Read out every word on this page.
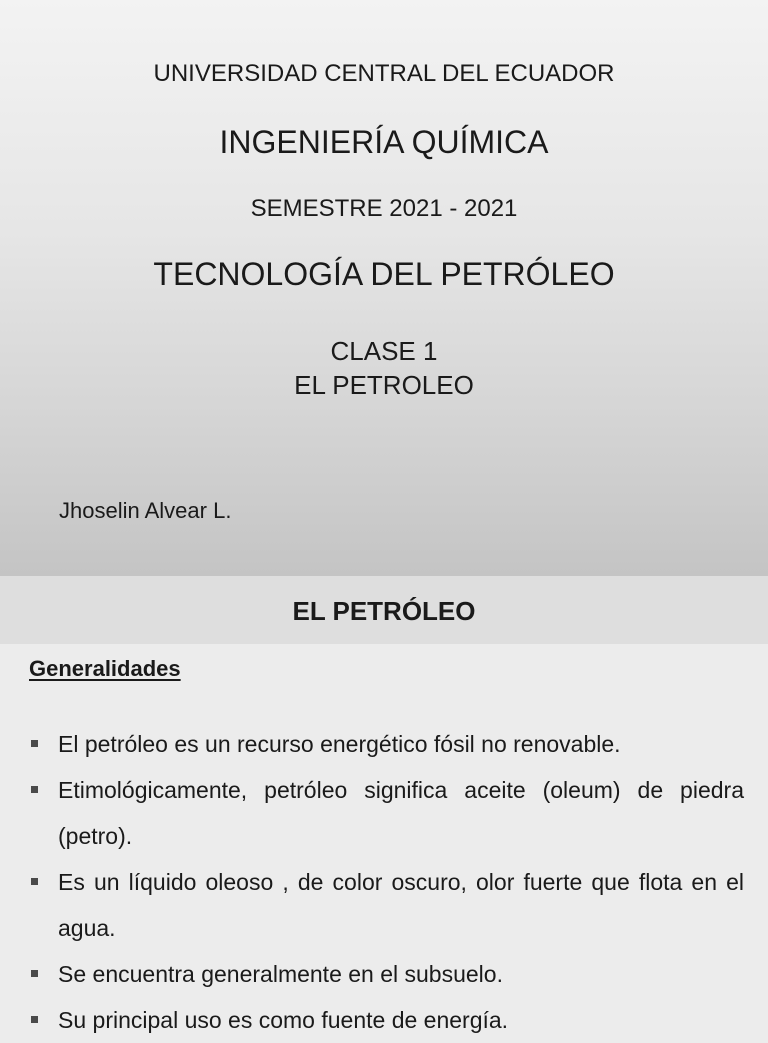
UNIVERSIDAD CENTRAL DEL ECUADOR
INGENIERÍA QUÍMICA
SEMESTRE 2021 - 2021
TECNOLOGÍA DEL PETRÓLEO
CLASE 1
EL PETROLEO
Jhoselin Alvear L.
EL PETRÓLEO
Generalidades
El petróleo es un recurso energético fósil no renovable.
Etimológicamente, petróleo significa aceite (oleum) de piedra (petro).
Es un líquido oleoso , de color oscuro, olor fuerte que flota en el agua.
Se encuentra generalmente en el subsuelo.
Su principal uso es como fuente de energía.
